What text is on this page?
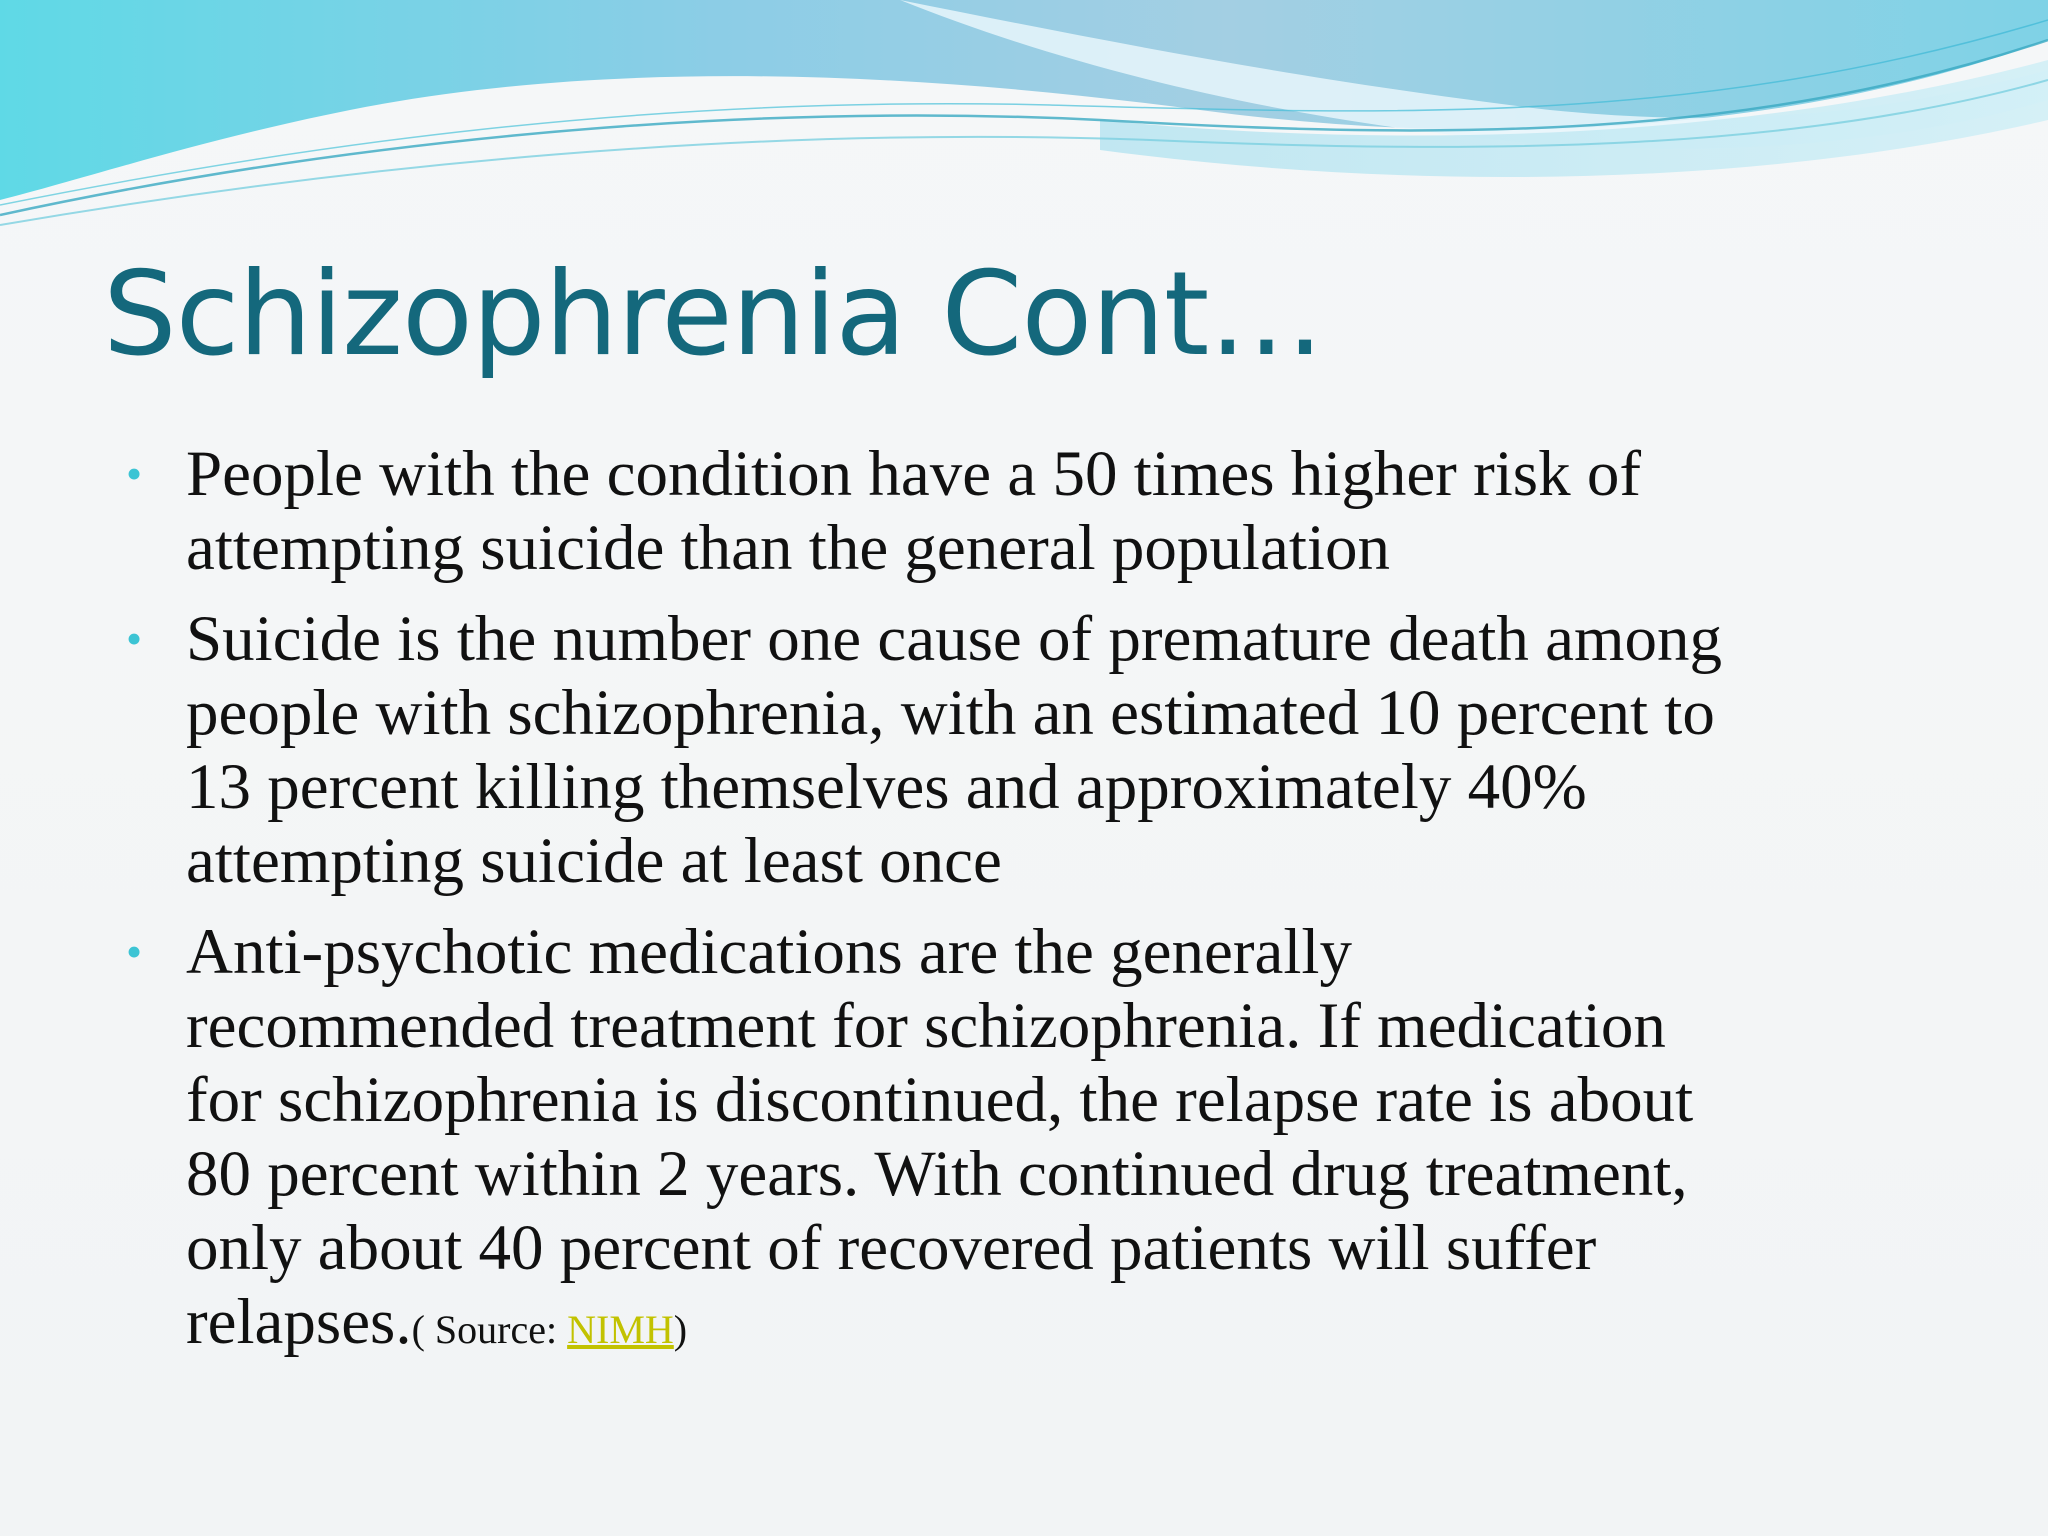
Schizophrenia Cont…
• People with the condition have a 50 times higher risk of
attempting suicide than the general population
• Suicide is the number one cause of premature death among
people with schizophrenia, with an estimated 10 percent to
13 percent killing themselves and approximately 40%
attempting suicide at least once
• Anti-psychotic medications are the generally
recommended treatment for schizophrenia. If medication
for schizophrenia is discontinued, the relapse rate is about
80 percent within 2 years. With continued drug treatment,
only about 40 percent of recovered patients will suffer
relapses.( Source: NIMH)
